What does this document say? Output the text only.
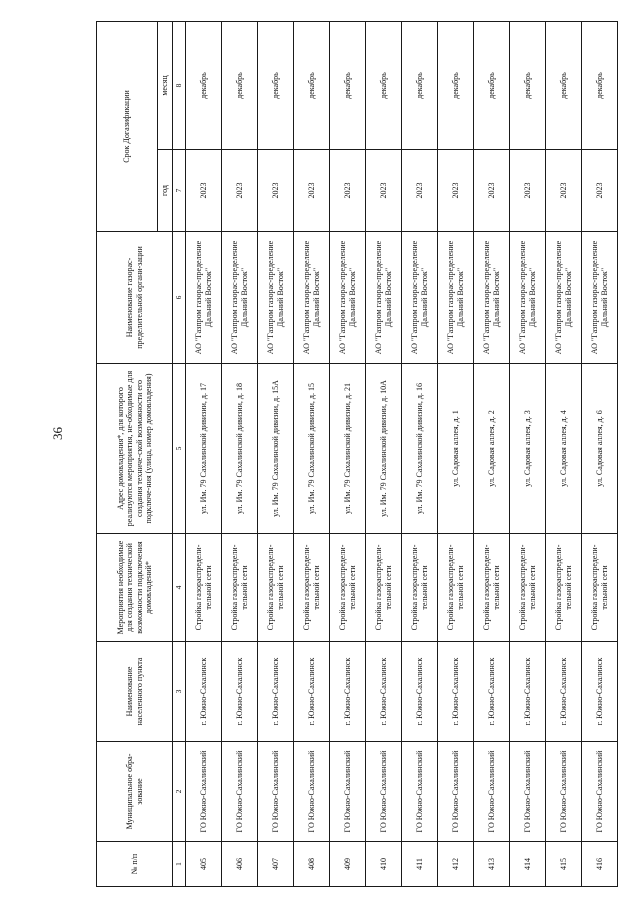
36
№ п/п	Муниципальное обра-зование	Наименование населенного пункта	Мероприятия необходимые для создания технической возможности подключения домовладений*	Адрес домовладения*, для которого реализуются мероприятия, не-обходимые для создания техниче-ской возможности его подключе-ния (улица, номер домовладения)	Наименование газорас-пределительной органи-зации	Срок Догазификации	
						год	месяц
1	2	3	4	5	6	7	8
405	ГО Южно-Сахалинский	г. Южно-Сахалинск	Стройка газораспредели-тельной сети	ул. Им. 79 Сахалинской дивизии, д. 17	АО "Газпром газорас-пределение Дальний Восток"	2023	декабрь
406	ГО Южно-Сахалинский	г. Южно-Сахалинск	Стройка газораспредели-тельной сети	ул. Им. 79 Сахалинской дивизии, д. 18	АО "Газпром газорас-пределение Дальний Восток"	2023	декабрь
407	ГО Южно-Сахалинский	г. Южно-Сахалинск	Стройка газораспредели-тельной сети	ул. Им. 79 Сахалинской дивизии, д. 15А	АО "Газпром газорас-пределение Дальний Восток"	2023	декабрь
408	ГО Южно-Сахалинский	г. Южно-Сахалинск	Стройка газораспредели-тельной сети	ул. Им. 79 Сахалинской дивизии, д. 15	АО "Газпром газорас-пределение Дальний Восток"	2023	декабрь
409	ГО Южно-Сахалинский	г. Южно-Сахалинск	Стройка газораспредели-тельной сети	ул. Им. 79 Сахалинской дивизии, д. 21	АО "Газпром газорас-пределение Дальний Восток"	2023	декабрь
410	ГО Южно-Сахалинский	г. Южно-Сахалинск	Стройка газораспредели-тельной сети	ул. Им. 79 Сахалинской дивизии, д. 10А	АО "Газпром газорас-пределение Дальний Восток"	2023	декабрь
411	ГО Южно-Сахалинский	г. Южно-Сахалинск	Стройка газораспредели-тельной сети	ул. Им. 79 Сахалинской дивизии, д. 16	АО "Газпром газорас-пределение Дальний Восток"	2023	декабрь
412	ГО Южно-Сахалинский	г. Южно-Сахалинск	Стройка газораспредели-тельной сети	ул. Садовая аллея, д. 1	АО "Газпром газорас-пределение Дальний Восток"	2023	декабрь
413	ГО Южно-Сахалинский	г. Южно-Сахалинск	Стройка газораспредели-тельной сети	ул. Садовая аллея, д. 2	АО "Газпром газорас-пределение Дальний Восток"	2023	декабрь
414	ГО Южно-Сахалинский	г. Южно-Сахалинск	Стройка газораспредели-тельной сети	ул. Садовая аллея, д. 3	АО "Газпром газорас-пределение Дальний Восток"	2023	декабрь
415	ГО Южно-Сахалинский	г. Южно-Сахалинск	Стройка газораспредели-тельной сети	ул. Садовая аллея, д. 4	АО "Газпром газорас-пределение Дальний Восток"	2023	декабрь
416	ГО Южно-Сахалинский	г. Южно-Сахалинск	Стройка газораспредели-тельной сети	ул. Садовая аллея, д. 6	АО "Газпром газорас-пределение Дальний Восток"	2023	декабрь
